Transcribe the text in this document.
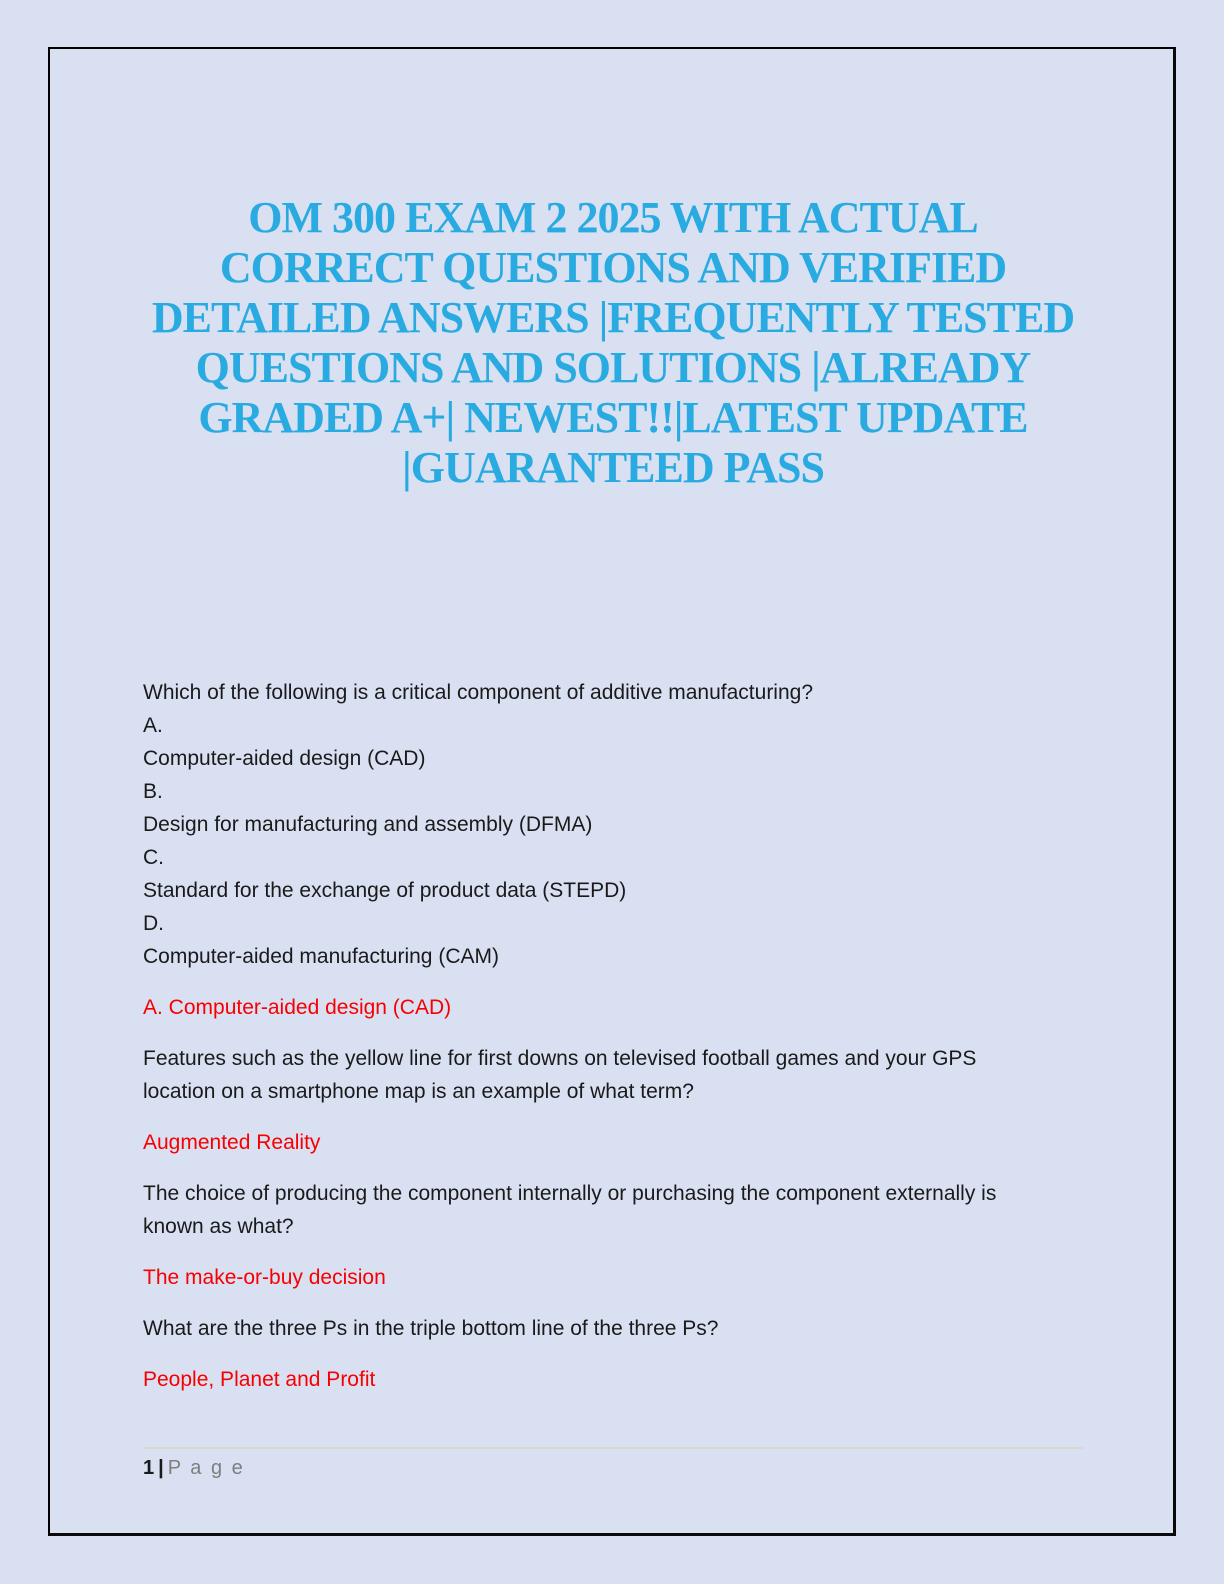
OM 300 EXAM 2 2025 WITH ACTUAL
CORRECT QUESTIONS AND VERIFIED
DETAILED ANSWERS |FREQUENTLY TESTED
QUESTIONS AND SOLUTIONS |ALREADY
GRADED A+| NEWEST!!|LATEST UPDATE
|GUARANTEED PASS
Which of the following is a critical component of additive manufacturing?
A.
Computer-aided design (CAD)
B.
Design for manufacturing and assembly (DFMA)
C.
Standard for the exchange of product data (STEPD)
D.
Computer-aided manufacturing (CAM)
A. Computer-aided design (CAD)
Features such as the yellow line for first downs on televised football games and your GPS
location on a smartphone map is an example of what term?
Augmented Reality
The choice of producing the component internally or purchasing the component externally is
known as what?
The make-or-buy decision
What are the three Ps in the triple bottom line of the three Ps?
People, Planet and Profit
1 | P a g e
